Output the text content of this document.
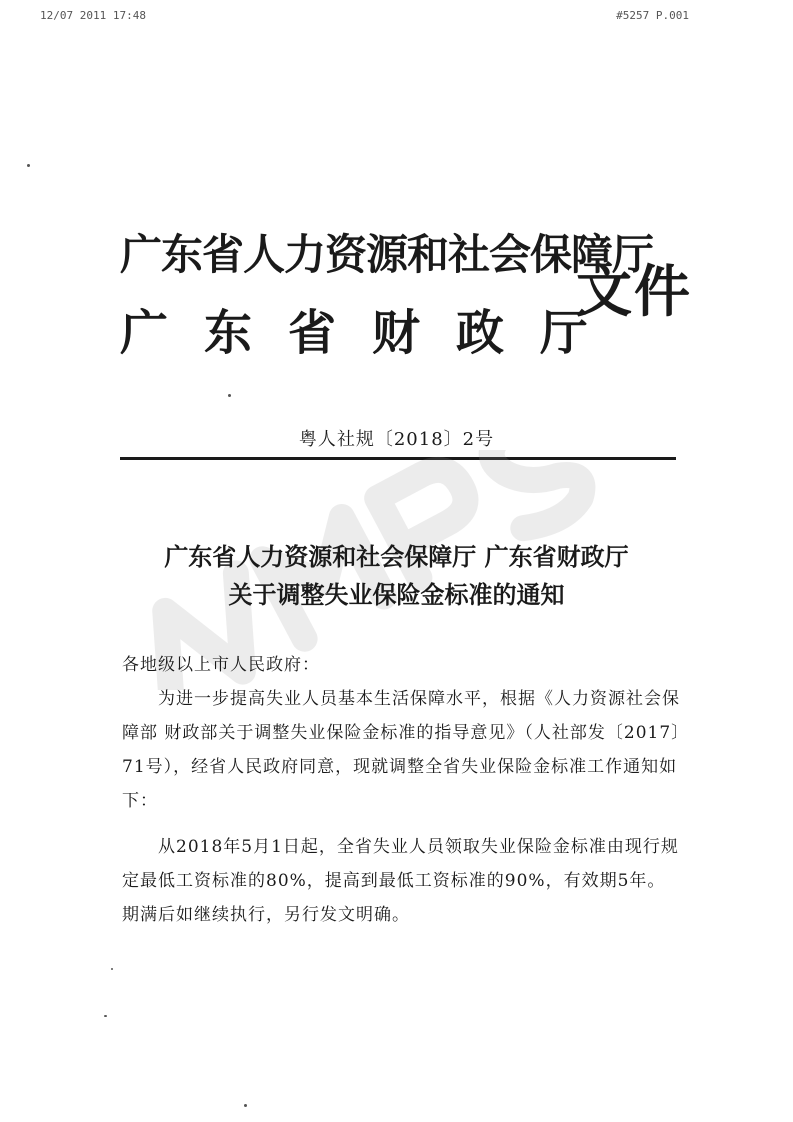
12/07 2011 17:48	#5257 P.001
广东省人力资源和社会保障厅
广东省财政厅
文件
粤人社规〔2018〕2号
广东省人力资源和社会保障厅 广东省财政厅
关于调整失业保险金标准的通知
各地级以上市人民政府：
为进一步提高失业人员基本生活保障水平，根据《人力资源社会保障部 财政部关于调整失业保险金标准的指导意见》（人社部发〔2017〕71号），经省人民政府同意，现就调整全省失业保险金标准工作通知如下：
从2018年5月1日起，全省失业人员领取失业保险金标准由现行规定最低工资标准的80%，提高到最低工资标准的90%，有效期5年。期满后如继续执行，另行发文明确。
